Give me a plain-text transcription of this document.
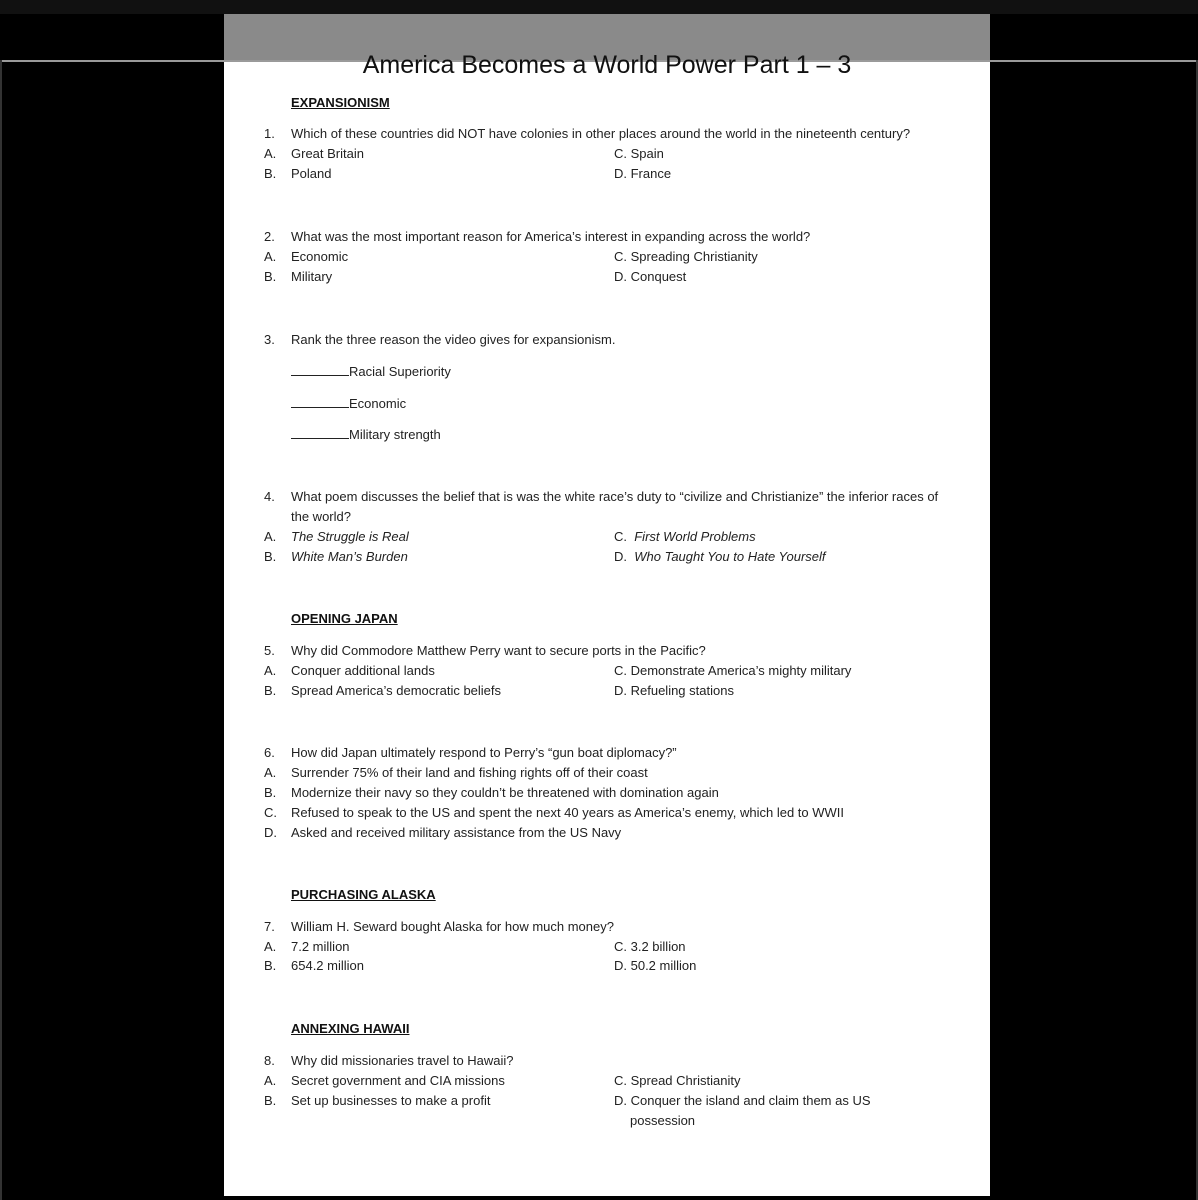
America Becomes a World Power Part 1 – 3
EXPANSIONISM
1. Which of these countries did NOT have colonies in other places around the world in the nineteenth century?
A. Great Britain
B. Poland
C. Spain
D. France
2. What was the most important reason for America’s interest in expanding across the world?
A. Economic
B. Military
C. Spreading Christianity
D. Conquest
3. Rank the three reason the video gives for expansionism.
Racial Superiority
Economic
Military strength
4. What poem discusses the belief that is was the white race’s duty to “civilize and Christianize” the inferior races of
the world?
A. The Struggle is Real
B. White Man’s Burden
C. First World Problems
D. Who Taught You to Hate Yourself
OPENING JAPAN
5. Why did Commodore Matthew Perry want to secure ports in the Pacific?
A. Conquer additional lands
B. Spread America’s democratic beliefs
C. Demonstrate America’s mighty military
D. Refueling stations
6. How did Japan ultimately respond to Perry’s “gun boat diplomacy?”
A. Surrender 75% of their land and fishing rights off of their coast
B. Modernize their navy so they couldn’t be threatened with domination again
C. Refused to speak to the US and spent the next 40 years as America’s enemy, which led to WWII
D. Asked and received military assistance from the US Navy
PURCHASING ALASKA
7. William H. Seward bought Alaska for how much money?
A. 7.2 million
B. 654.2 million
C. 3.2 billion
D. 50.2 million
ANNEXING HAWAII
8. Why did missionaries travel to Hawaii?
A. Secret government and CIA missions
B. Set up businesses to make a profit
C. Spread Christianity
D. Conquer the island and claim them as US
possession
